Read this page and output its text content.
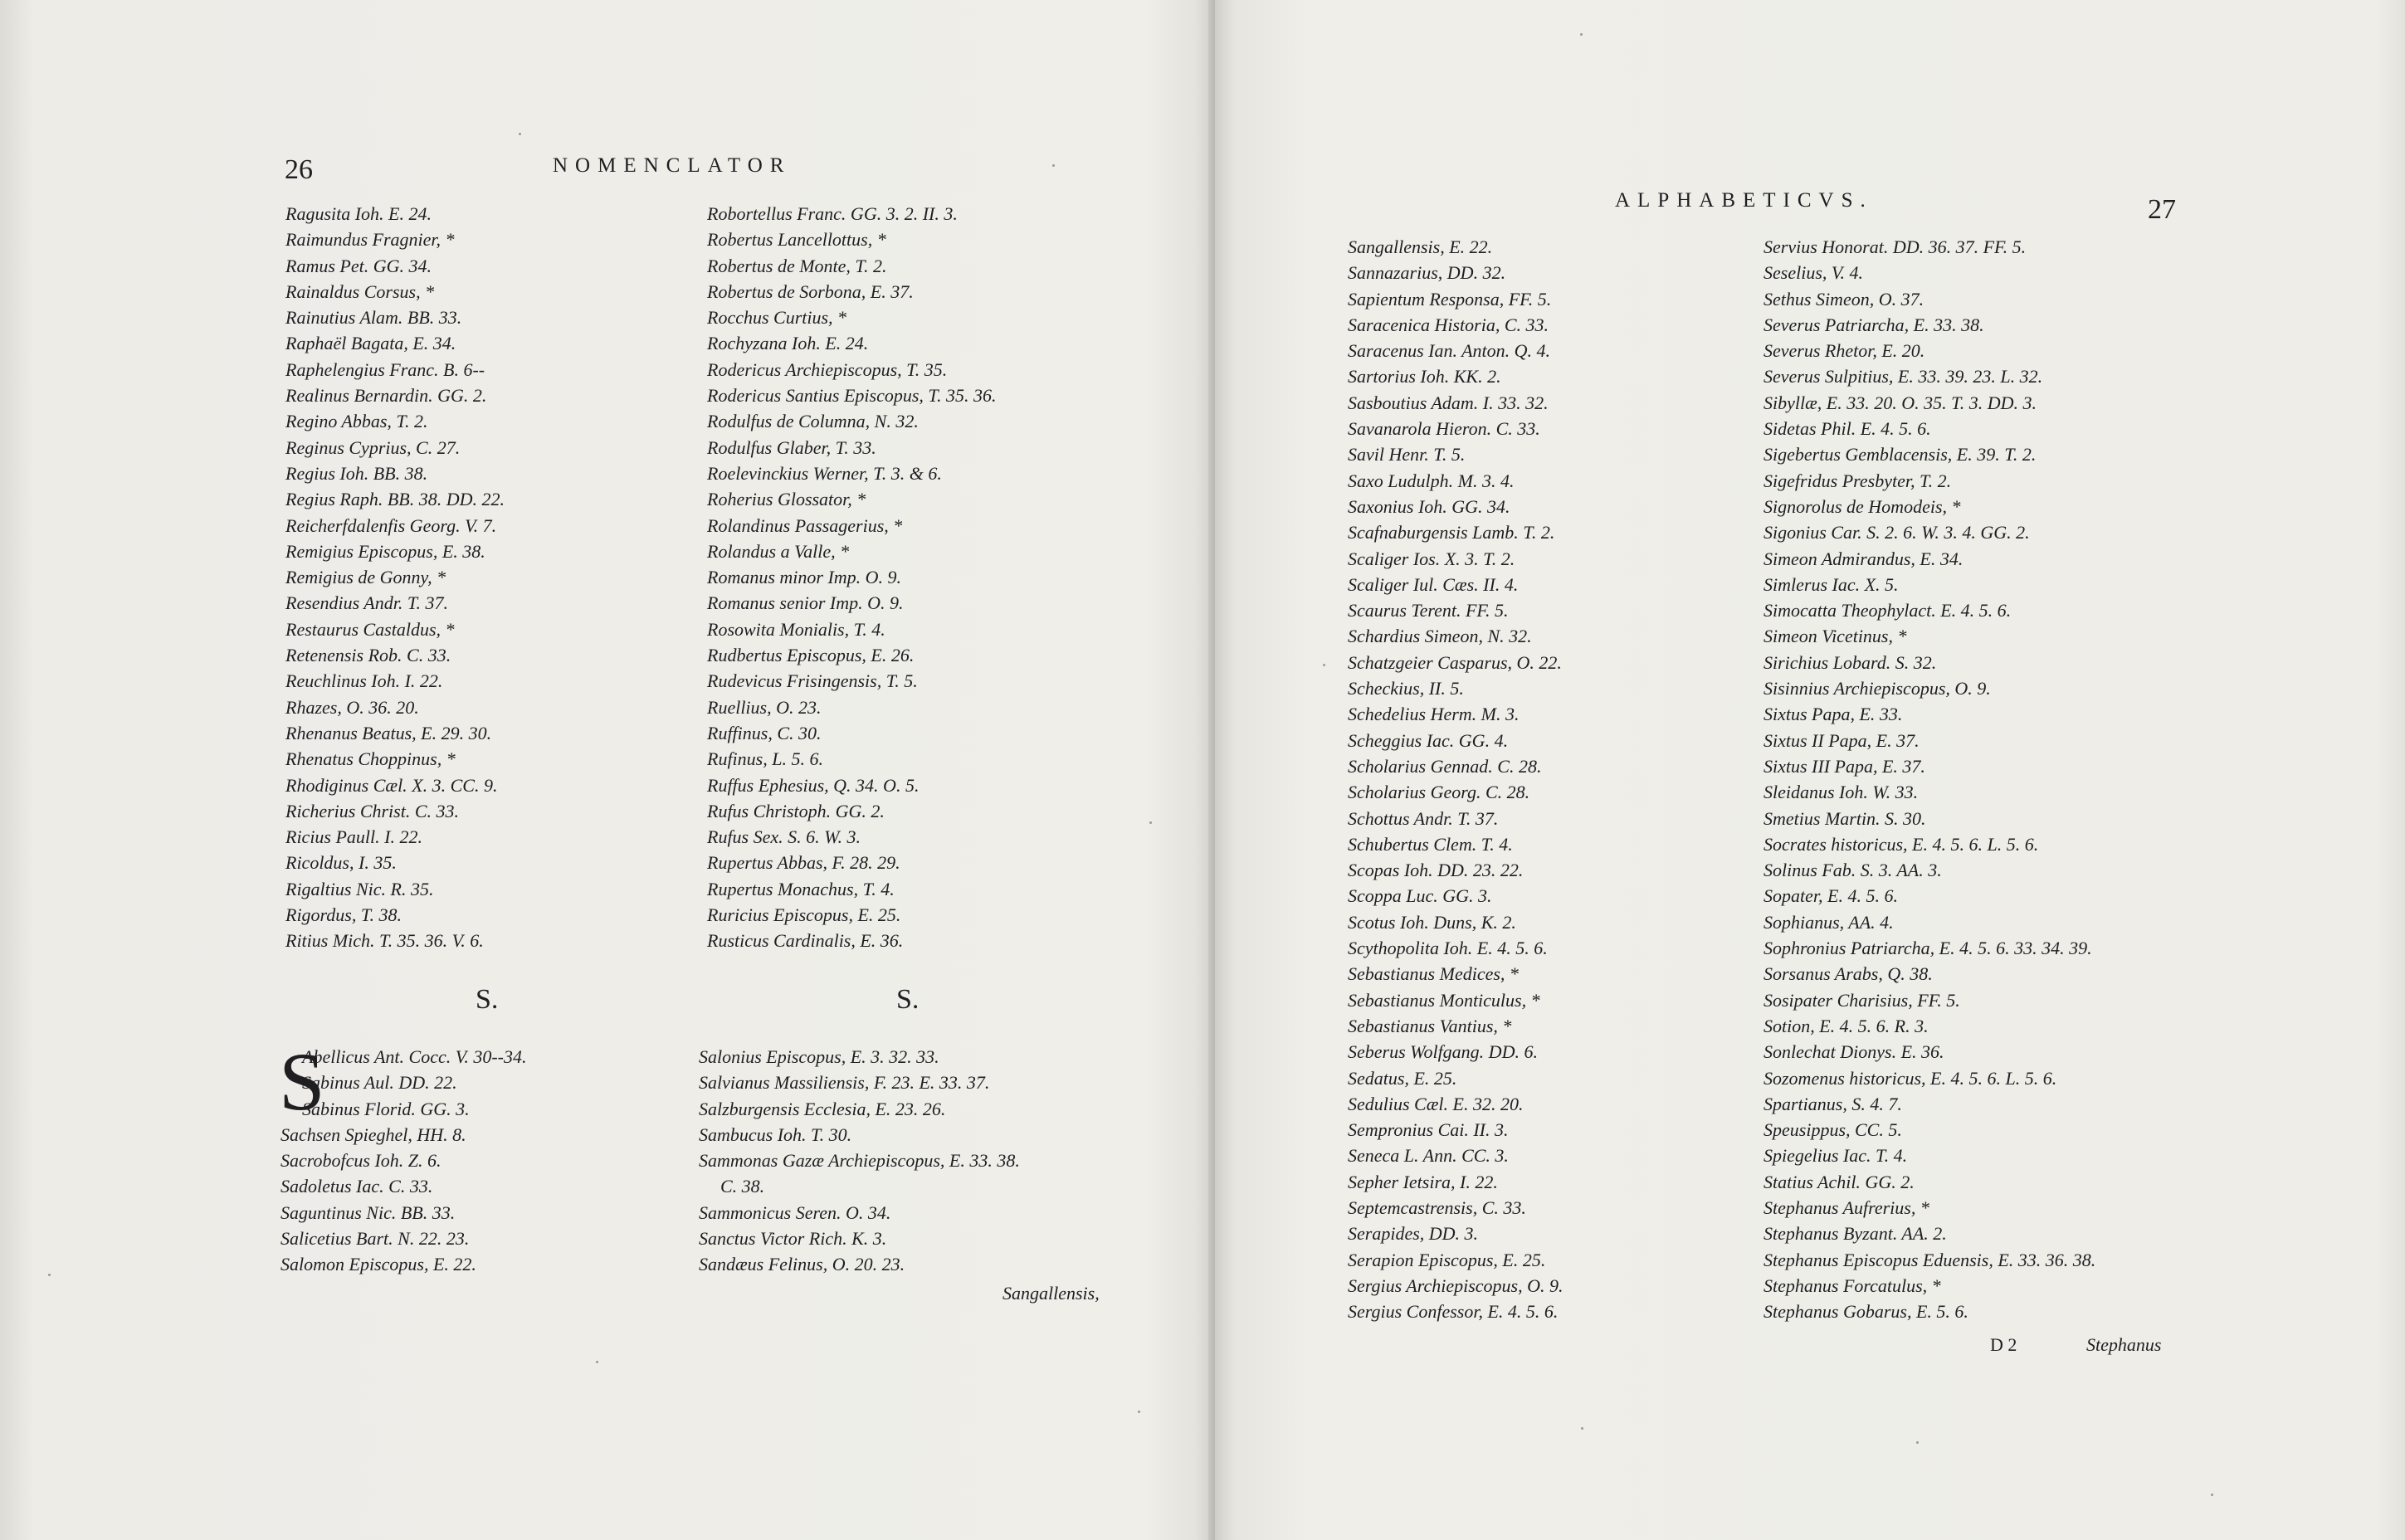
26	NOMENCLATOR
Ragusita Ioh. E. 24.
Raimundus Fragnier, *
Ramus Pet. GG. 34.
Rainaldus Corsus, *
Rainutius Alam. BB. 33.
Raphaël Bagata, E. 34.
Raphelengius Franc. B. 6--
Realinus Bernardin. GG. 2.
Regino Abbas, T. 2.
Reginus Cyprius, C. 27.
Regius Ioh. BB. 38.
Regius Raph. BB. 38. DD. 22.
Reicherfdalenfis Georg. V. 7.
Remigius Episcopus, E. 38.
Remigius de Gonny, *
Resendius Andr. T. 37.
Restaurus Castaldus, *
Retenensis Rob. C. 33.
Reuchlinus Ioh. I. 22.
Rhazes, O. 36. 20.
Rhenanus Beatus, E. 29. 30.
Rhenatus Choppinus, *
Rhodiginus Cæl. X. 3. CC. 9.
Richerius Christ. C. 33.
Ricius Paull. I. 22.
Ricoldus, I. 35.
Rigaltius Nic. R. 35.
Rigordus, T. 38.
Ritius Mich. T. 35. 36. V. 6.
Robortellus Franc. GG. 3. 2. II. 3.
Robertus Lancellottus, *
Robertus de Monte, T. 2.
Robertus de Sorbona, E. 37.
Rocchus Curtius, *
Rochyzana Ioh. E. 24.
Rodericus Archiepiscopus, T. 35.
Rodericus Santius Episcopus, T. 35. 36.
Rodulfus de Columna, N. 32.
Rodulfus Glaber, T. 33.
Roelevinckius Werner, T. 3. & 6.
Roherius Glossator, *
Rolandinus Passagerius, *
Rolandus a Valle, *
Romanus minor Imp. O. 9.
Romanus senior Imp. O. 9.
Rosowita Monialis, T. 4.
Rudbertus Episcopus, E. 26.
Rudevicus Frisingensis, T. 5.
Ruellius, O. 23.
Ruffinus, C. 30.
Rufinus, L. 5. 6.
Ruffus Ephesius, Q. 34. O. 5.
Rufus Christoph. GG. 2.
Rufus Sex. S. 6. W. 3.
Rupertus Abbas, F. 28. 29.
Rupertus Monachus, T. 4.
Ruricius Episcopus, E. 25.
Rusticus Cardinalis, E. 36.
S.	S.
S
Abellicus Ant. Cocc. V. 30--34.
Sabinus Aul. DD. 22.
Sabinus Florid. GG. 3.
Sachsen Spieghel, HH. 8.
Sacrobofcus Ioh. Z. 6.
Sadoletus Iac. C. 33.
Saguntinus Nic. BB. 33.
Salicetius Bart. N. 22. 23.
Salomon Episcopus, E. 22.
Salonius Episcopus, E. 3. 32. 33.
Salvianus Massiliensis, F. 23. E. 33. 37.
Salzburgensis Ecclesia, E. 23. 26.
Sambucus Ioh. T. 30.
Sammonas Gazæ Archiepiscopus, E. 33. 38.
C. 38.
Sammonicus Seren. O. 34.
Sanctus Victor Rich. K. 3.
Sandæus Felinus, O. 20. 23.
Sangallensis,
ALPHABETICVS.	27
Sangallensis, E. 22.
Sannazarius, DD. 32.
Sapientum Responsa, FF. 5.
Saracenica Historia, C. 33.
Saracenus Ian. Anton. Q. 4.
Sartorius Ioh. KK. 2.
Sasboutius Adam. I. 33. 32.
Savanarola Hieron. C. 33.
Savil Henr. T. 5.
Saxo Ludulph. M. 3. 4.
Saxonius Ioh. GG. 34.
Scafnaburgensis Lamb. T. 2.
Scaliger Ios. X. 3. T. 2.
Scaliger Iul. Cæs. II. 4.
Scaurus Terent. FF. 5.
Schardius Simeon, N. 32.
Schatzgeier Casparus, O. 22.
Scheckius, II. 5.
Schedelius Herm. M. 3.
Scheggius Iac. GG. 4.
Scholarius Gennad. C. 28.
Scholarius Georg. C. 28.
Schottus Andr. T. 37.
Schubertus Clem. T. 4.
Scopas Ioh. DD. 23. 22.
Scoppa Luc. GG. 3.
Scotus Ioh. Duns, K. 2.
Scythopolita Ioh. E. 4. 5. 6.
Sebastianus Medices, *
Sebastianus Monticulus, *
Sebastianus Vantius, *
Seberus Wolfgang. DD. 6.
Sedatus, E. 25.
Sedulius Cæl. E. 32. 20.
Sempronius Cai. II. 3.
Seneca L. Ann. CC. 3.
Sepher Ietsira, I. 22.
Septemcastrensis, C. 33.
Serapides, DD. 3.
Serapion Episcopus, E. 25.
Sergius Archiepiscopus, O. 9.
Sergius Confessor, E. 4. 5. 6.
Servius Honorat. DD. 36. 37. FF. 5.
Seselius, V. 4.
Sethus Simeon, O. 37.
Severus Patriarcha, E. 33. 38.
Severus Rhetor, E. 20.
Severus Sulpitius, E. 33. 39. 23. L. 32.
Sibyllæ, E. 33. 20. O. 35. T. 3. DD. 3.
Sidetas Phil. E. 4. 5. 6.
Sigebertus Gemblacensis, E. 39. T. 2.
Sigefridus Presbyter, T. 2.
Signorolus de Homodeis, *
Sigonius Car. S. 2. 6. W. 3. 4. GG. 2.
Simeon Admirandus, E. 34.
Simlerus Iac. X. 5.
Simocatta Theophylact. E. 4. 5. 6.
Simeon Vicetinus, *
Sirichius Lobard. S. 32.
Sisinnius Archiepiscopus, O. 9.
Sixtus Papa, E. 33.
Sixtus II Papa, E. 37.
Sixtus III Papa, E. 37.
Sleidanus Ioh. W. 33.
Smetius Martin. S. 30.
Socrates historicus, E. 4. 5. 6. L. 5. 6.
Solinus Fab. S. 3. AA. 3.
Sopater, E. 4. 5. 6.
Sophianus, AA. 4.
Sophronius Patriarcha, E. 4. 5. 6. 33. 34. 39.
Sorsanus Arabs, Q. 38.
Sosipater Charisius, FF. 5.
Sotion, E. 4. 5. 6. R. 3.
Sonlechat Dionys. E. 36.
Sozomenus historicus, E. 4. 5. 6. L. 5. 6.
Spartianus, S. 4. 7.
Speusippus, CC. 5.
Spiegelius Iac. T. 4.
Statius Achil. GG. 2.
Stephanus Aufrerius, *
Stephanus Byzant. AA. 2.
Stephanus Episcopus Eduensis, E. 33. 36. 38.
Stephanus Forcatulus, *
Stephanus Gobarus, E. 5. 6.
D 2	Stephanus
